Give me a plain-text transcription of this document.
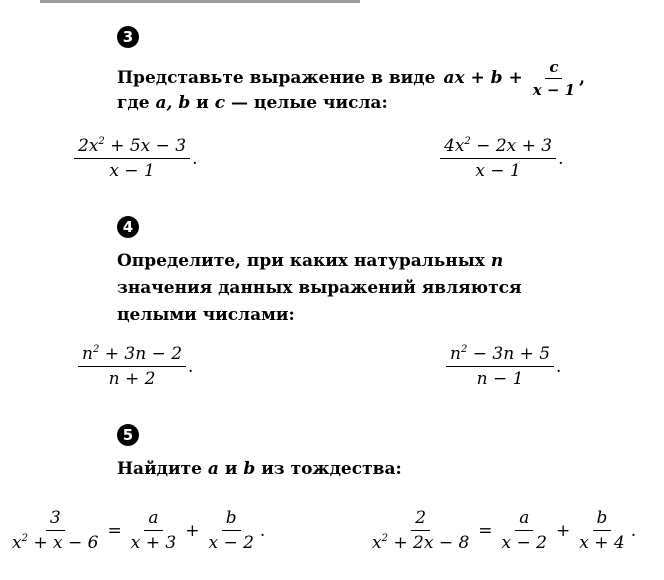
3
Представьте выражение в виде ax + $b + \frac{c}{x - 1}$ ,
где a, b и c — целые числа:
$\frac{2x^2 + 5x - 3}{x - 1}$ .	$\frac{4x^2 - 2x + 3}{x - 1}$ .
4
Определите, при каких натуральных n
значения данных выражений являются
целыми числами:
$\frac{n^2 + 3n - 2}{n + 2}$ .	$\frac{n^2 - 3n + 5}{n - 1}$ .
5
Найдите a и b из тождества:
$\frac{3}{x^2 + x - 6} = \frac{a}{x + 3} + \frac{b}{x - 2}$ .	$\frac{2}{x^2 + 2x - 8} = \frac{a}{x - 2} + \frac{b}{x + 4}$ .
